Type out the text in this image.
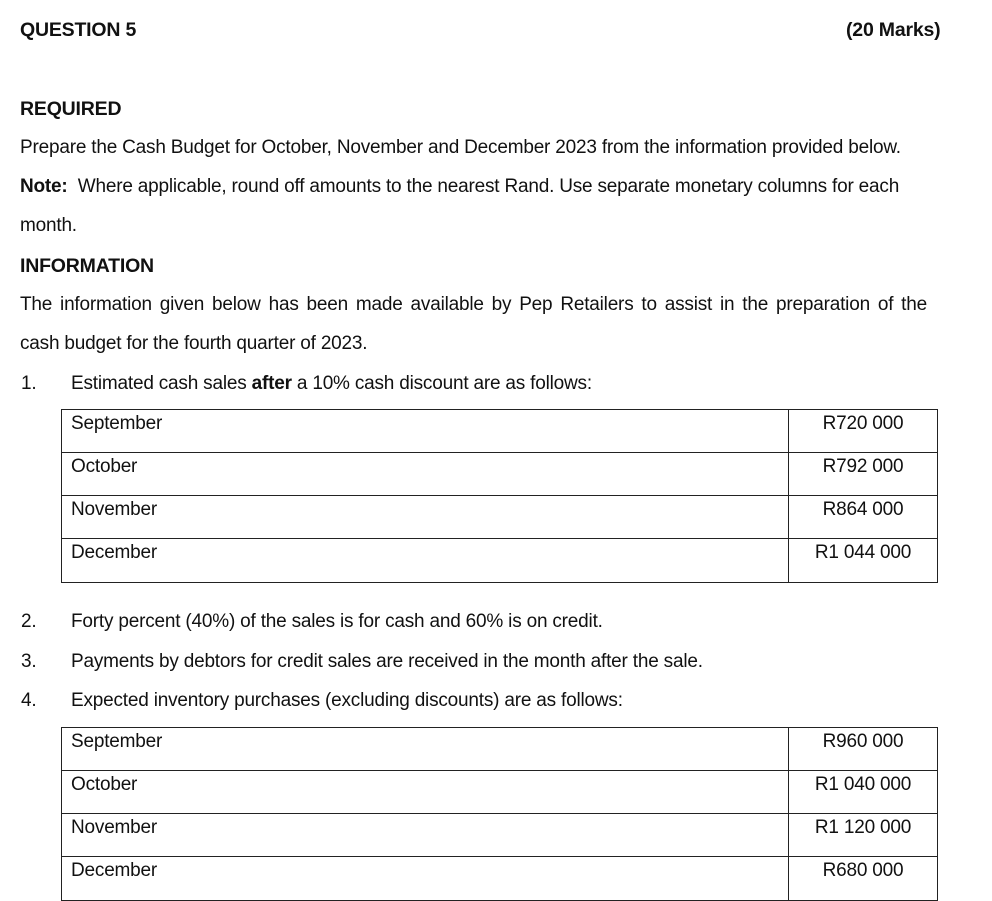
QUESTION 5	(20 Marks)
REQUIRED
Prepare the Cash Budget for October, November and December 2023 from the information provided below.
Note: Where applicable, round off amounts to the nearest Rand. Use separate monetary columns for each
month.
INFORMATION
The information given below has been made available by Pep Retailers to assist in the preparation of the
cash budget for the fourth quarter of 2023.
1. Estimated cash sales after a 10% cash discount are as follows:
September	R720 000
October	R792 000
November	R864 000
December	R1 044 000
2. Forty percent (40%) of the sales is for cash and 60% is on credit.
3. Payments by debtors for credit sales are received in the month after the sale.
4. Expected inventory purchases (excluding discounts) are as follows:
September	R960 000
October	R1 040 000
November	R1 120 000
December	R680 000
